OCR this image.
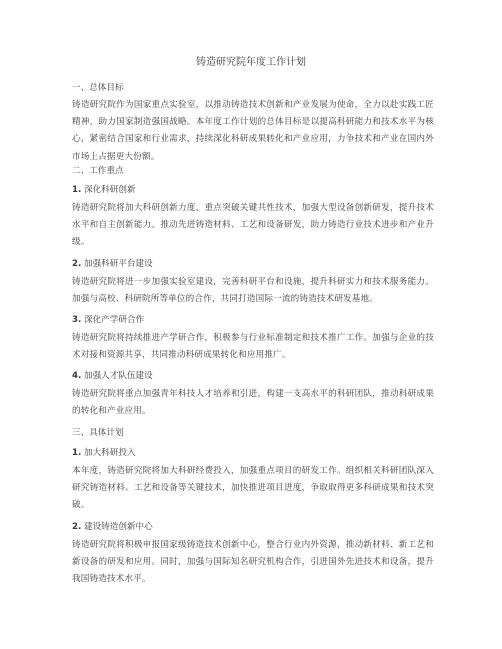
铸造研究院年度工作计划
一、总体目标
铸造研究院作为国家重点实验室，以推动铸造技术创新和产业发展为使命，全力以赴实践工匠精神，助力国家制造强国战略。本年度工作计划的总体目标是以提高科研能力和技术水平为核心，紧密结合国家和行业需求，持续深化科研成果转化和产业应用，力争技术和产业在国内外市场上占据更大份额。
二、工作重点
1. 深化科研创新
铸造研究院将加大科研创新力度，重点突破关键共性技术，加强大型设备创新研发，提升技术水平和自主创新能力。推动先进铸造材料、工艺和设备研发，助力铸造行业技术进步和产业升级。
2. 加强科研平台建设
铸造研究院将进一步加强实验室建设，完善科研平台和设施，提升科研实力和技术服务能力。加强与高校、科研院所等单位的合作，共同打造国际一流的铸造技术研发基地。
3. 深化产学研合作
铸造研究院将持续推进产学研合作，积极参与行业标准制定和技术推广工作。加强与企业的技术对接和资源共享，共同推动科研成果转化和应用推广。
4. 加强人才队伍建设
铸造研究院将重点加强青年科技人才培养和引进，构建一支高水平的科研团队，推动科研成果的转化和产业应用。
三、具体计划
1. 加大科研投入
本年度，铸造研究院将加大科研经费投入，加强重点项目的研发工作。组织相关科研团队深入研究铸造材料、工艺和设备等关键技术，加快推进项目进度，争取取得更多科研成果和技术突破。
2. 建设铸造创新中心
铸造研究院将积极申报国家级铸造技术创新中心，整合行业内外资源，推动新材料、新工艺和新设备的研发和应用。同时，加强与国际知名研究机构合作，引进国外先进技术和设备，提升我国铸造技术水平。
